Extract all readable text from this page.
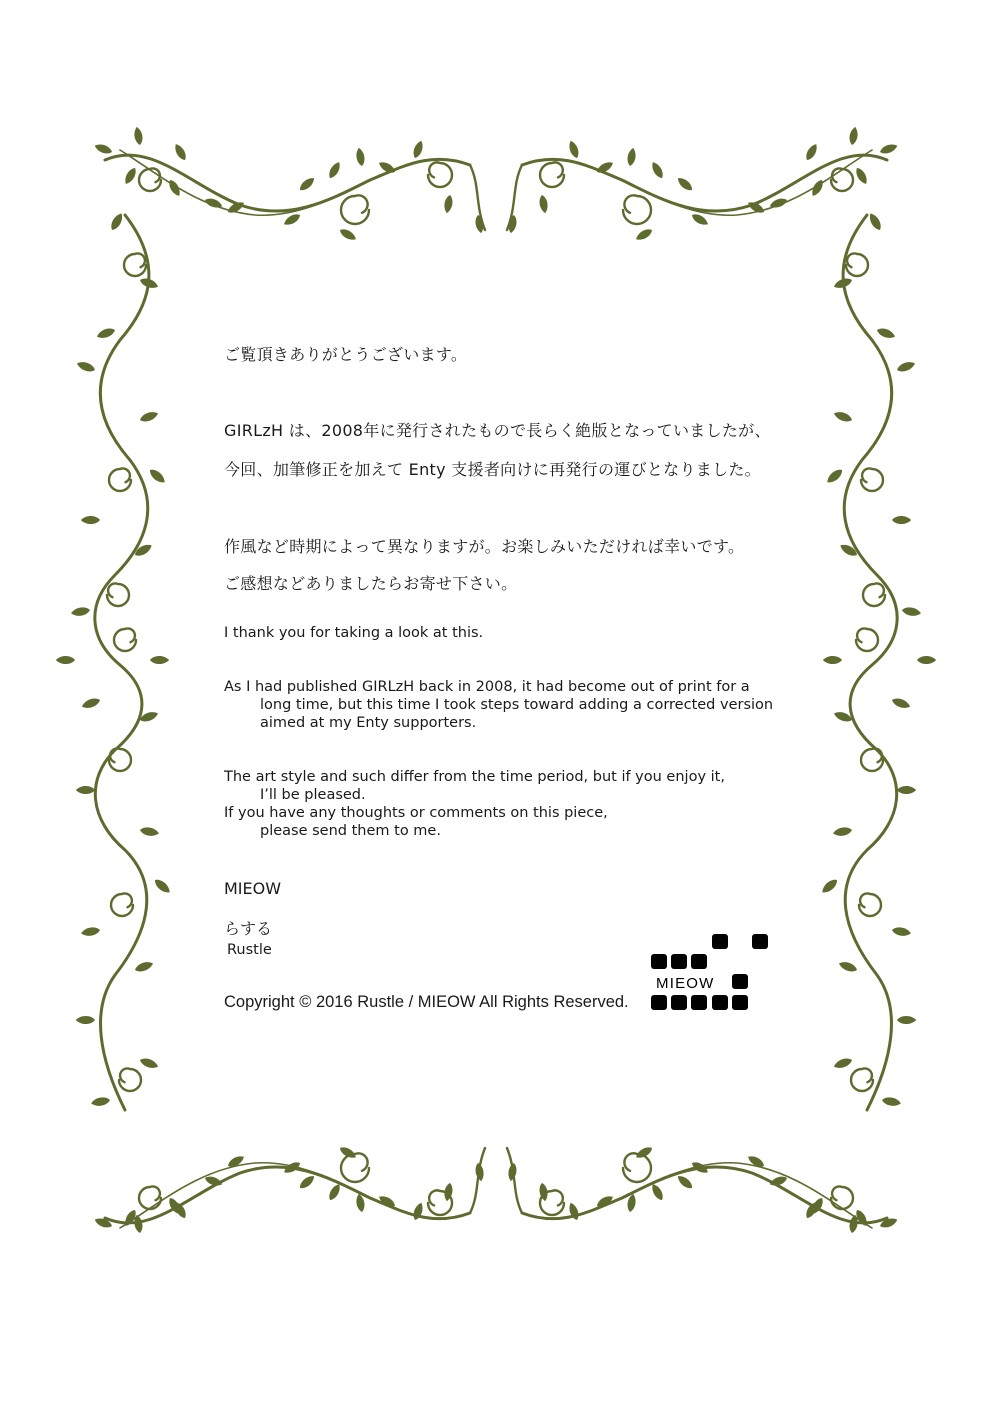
ご覧頂きありがとうございます。

GIRLzH は、2008年に発行されたもので長らく絶版となっていましたが、

今回、加筆修正を加えて Enty 支援者向けに再発行の運びとなりました。

作風など時期によって異なりますが。お楽しみいただければ幸いです。

ご感想などありましたらお寄せ下さい。

I thank you for taking a look at this.

As I had published GIRLzH back in 2008, it had become out of print for a
long time, but this time I took steps toward adding a corrected version
aimed at my Enty supporters.

The art style and such differ from the time period, but if you enjoy it,
I’ll be pleased.
If you have any thoughts or comments on this piece,
please send them to me.

MIEOW

らする

Rustle

Copyright © 2016 Rustle / MIEOW All Rights Reserved.

MIEOW
